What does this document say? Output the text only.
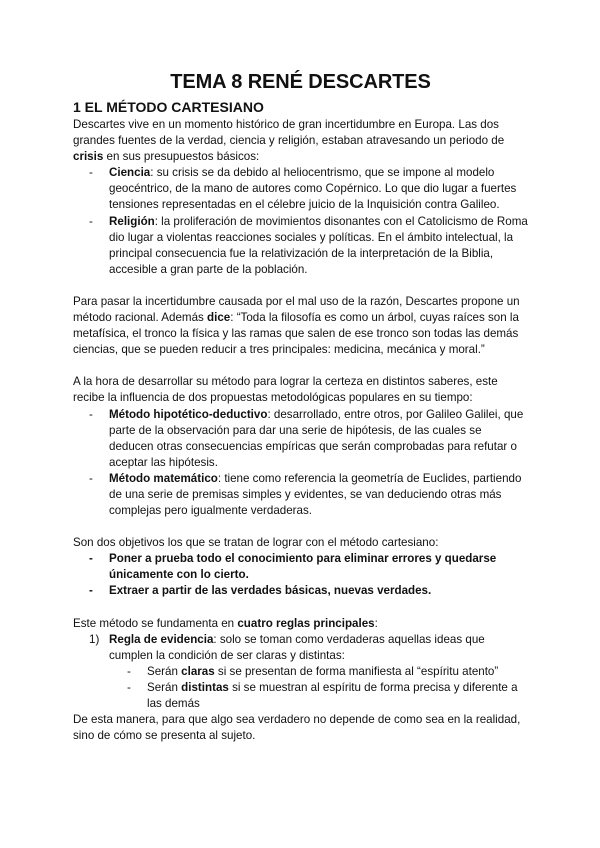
TEMA 8 RENÉ DESCARTES
1 EL MÉTODO CARTESIANO

Descartes vive en un momento histórico de gran incertidumbre en Europa. Las dos grandes fuentes de la verdad, ciencia y religión, estaban atravesando un periodo de crisis en sus presupuestos básicos:

- Ciencia: su crisis se da debido al heliocentrismo, que se impone al modelo geocéntrico, de la mano de autores como Copérnico. Lo que dio lugar a fuertes tensiones representadas en el célebre juicio de la Inquisición contra Galileo.
- Religión: la proliferación de movimientos disonantes con el Catolicismo de Roma dio lugar a violentas reacciones sociales y políticas. En el ámbito intelectual, la principal consecuencia fue la relativización de la interpretación de la Biblia, accesible a gran parte de la población.

Para pasar la incertidumbre causada por el mal uso de la razón, Descartes propone un método racional. Además dice: “Toda la filosofía es como un árbol, cuyas raíces son la metafísica, el tronco la física y las ramas que salen de ese tronco son todas las demás ciencias, que se pueden reducir a tres principales: medicina, mecánica y moral.”

A la hora de desarrollar su método para lograr la certeza en distintos saberes, este recibe la influencia de dos propuestas metodológicas populares en su tiempo:

- Método hipotético-deductivo: desarrollado, entre otros, por Galileo Galilei, que parte de la observación para dar una serie de hipótesis, de las cuales se deducen otras consecuencias empíricas que serán comprobadas para refutar o aceptar las hipótesis.
- Método matemático: tiene como referencia la geometría de Euclides, partiendo de una serie de premisas simples y evidentes, se van deduciendo otras más complejas pero igualmente verdaderas.

Son dos objetivos los que se tratan de lograr con el método cartesiano:

- Poner a prueba todo el conocimiento para eliminar errores y quedarse únicamente con lo cierto.
- Extraer a partir de las verdades básicas, nuevas verdades.

Este método se fundamenta en cuatro reglas principales:

1) Regla de evidencia: solo se toman como verdaderas aquellas ideas que cumplen la condición de ser claras y distintas:
- Serán claras si se presentan de forma manifiesta al “espíritu atento”
- Serán distintas si se muestran al espíritu de forma precisa y diferente a las demás

De esta manera, para que algo sea verdadero no depende de como sea en la realidad, sino de cómo se presenta al sujeto.
